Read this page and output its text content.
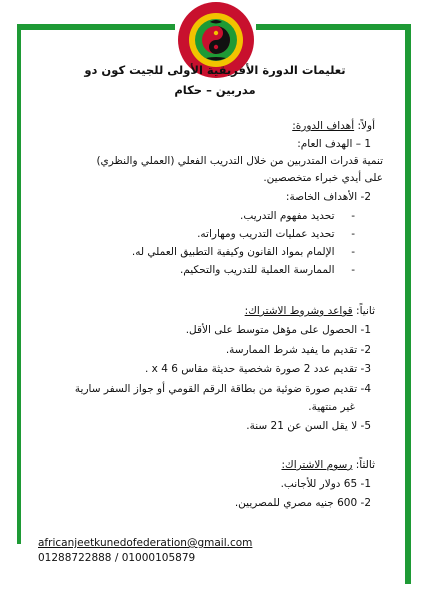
تعليمات الدورة الأفريقية الأولى للجيت كون دو
مدربين – حكام
أولاً: أهداف الدورة:
1 – الهدف العام:
تنمية قدرات المتدربين من خلال التدريب الفعلي (العملي والنظري)
على أيدي خبراء متخصصين.
2- الأهداف الخاصة:
-     تحديد مفهوم التدريب.
-     تحديد عمليات التدريب ومهاراته.
-     الإلمام بمواد القانون وكيفية التطبيق العملي له.
-     الممارسة العملية للتدريب والتحكيم.
ثانياً: قواعد وشروط الاشتراك:
1- الحصول على مؤهل متوسط على الأقل.
2- تقديم ما يفيد شرط الممارسة.
3- تقديم عدد 2 صورة شخصية حديثة مقاس 6 x 4 .
4- تقديم صورة ضوئية من بطاقة الرقم القومي أو جواز السفر سارية
غير منتهية.
5- لا يقل السن عن 21 سنة.
ثالثاً: رسوم الاشتراك:
1- 65 دولار للأجانب.
2- 600 جنيه مصري للمصريين.
africanjeetkunedofederation@gmail.com
01288722888 / 01000105879
